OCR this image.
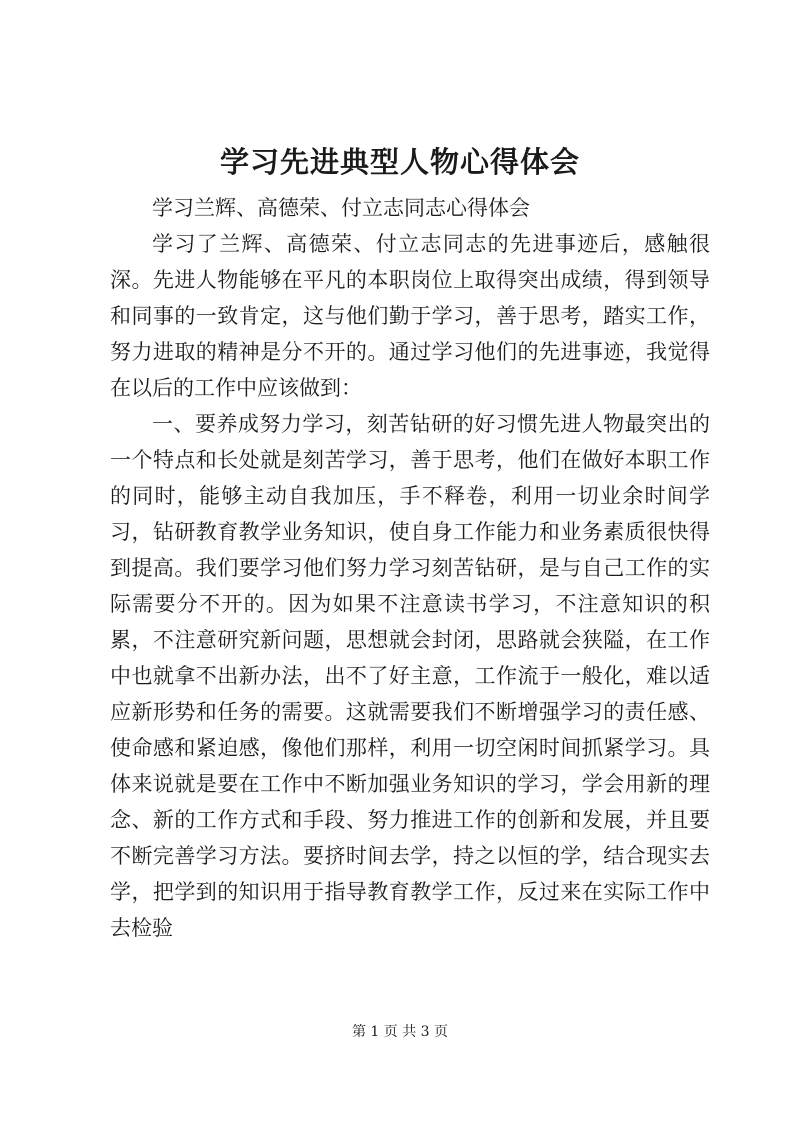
学习先进典型人物心得体会

学习兰辉、高德荣、付立志同志心得体会

学习了兰辉、高德荣、付立志同志的先进事迹后，感触很深。先进人物能够在平凡的本职岗位上取得突出成绩，得到领导和同事的一致肯定，这与他们勤于学习，善于思考，踏实工作，努力进取的精神是分不开的。通过学习他们的先进事迹，我觉得在以后的工作中应该做到：

一、要养成努力学习，刻苦钻研的好习惯先进人物最突出的一个特点和长处就是刻苦学习，善于思考，他们在做好本职工作的同时，能够主动自我加压，手不释卷，利用一切业余时间学习，钻研教育教学业务知识，使自身工作能力和业务素质很快得到提高。我们要学习他们努力学习刻苦钻研，是与自己工作的实际需要分不开的。因为如果不注意读书学习，不注意知识的积累，不注意研究新问题，思想就会封闭，思路就会狭隘，在工作中也就拿不出新办法，出不了好主意，工作流于一般化，难以适应新形势和任务的需要。这就需要我们不断增强学习的责任感、使命感和紧迫感，像他们那样，利用一切空闲时间抓紧学习。具体来说就是要在工作中不断加强业务知识的学习，学会用新的理念、新的工作方式和手段、努力推进工作的创新和发展，并且要不断完善学习方法。要挤时间去学，持之以恒的学，结合现实去学，把学到的知识用于指导教育教学工作，反过来在实际工作中去检验

第 1 页 共 3 页
